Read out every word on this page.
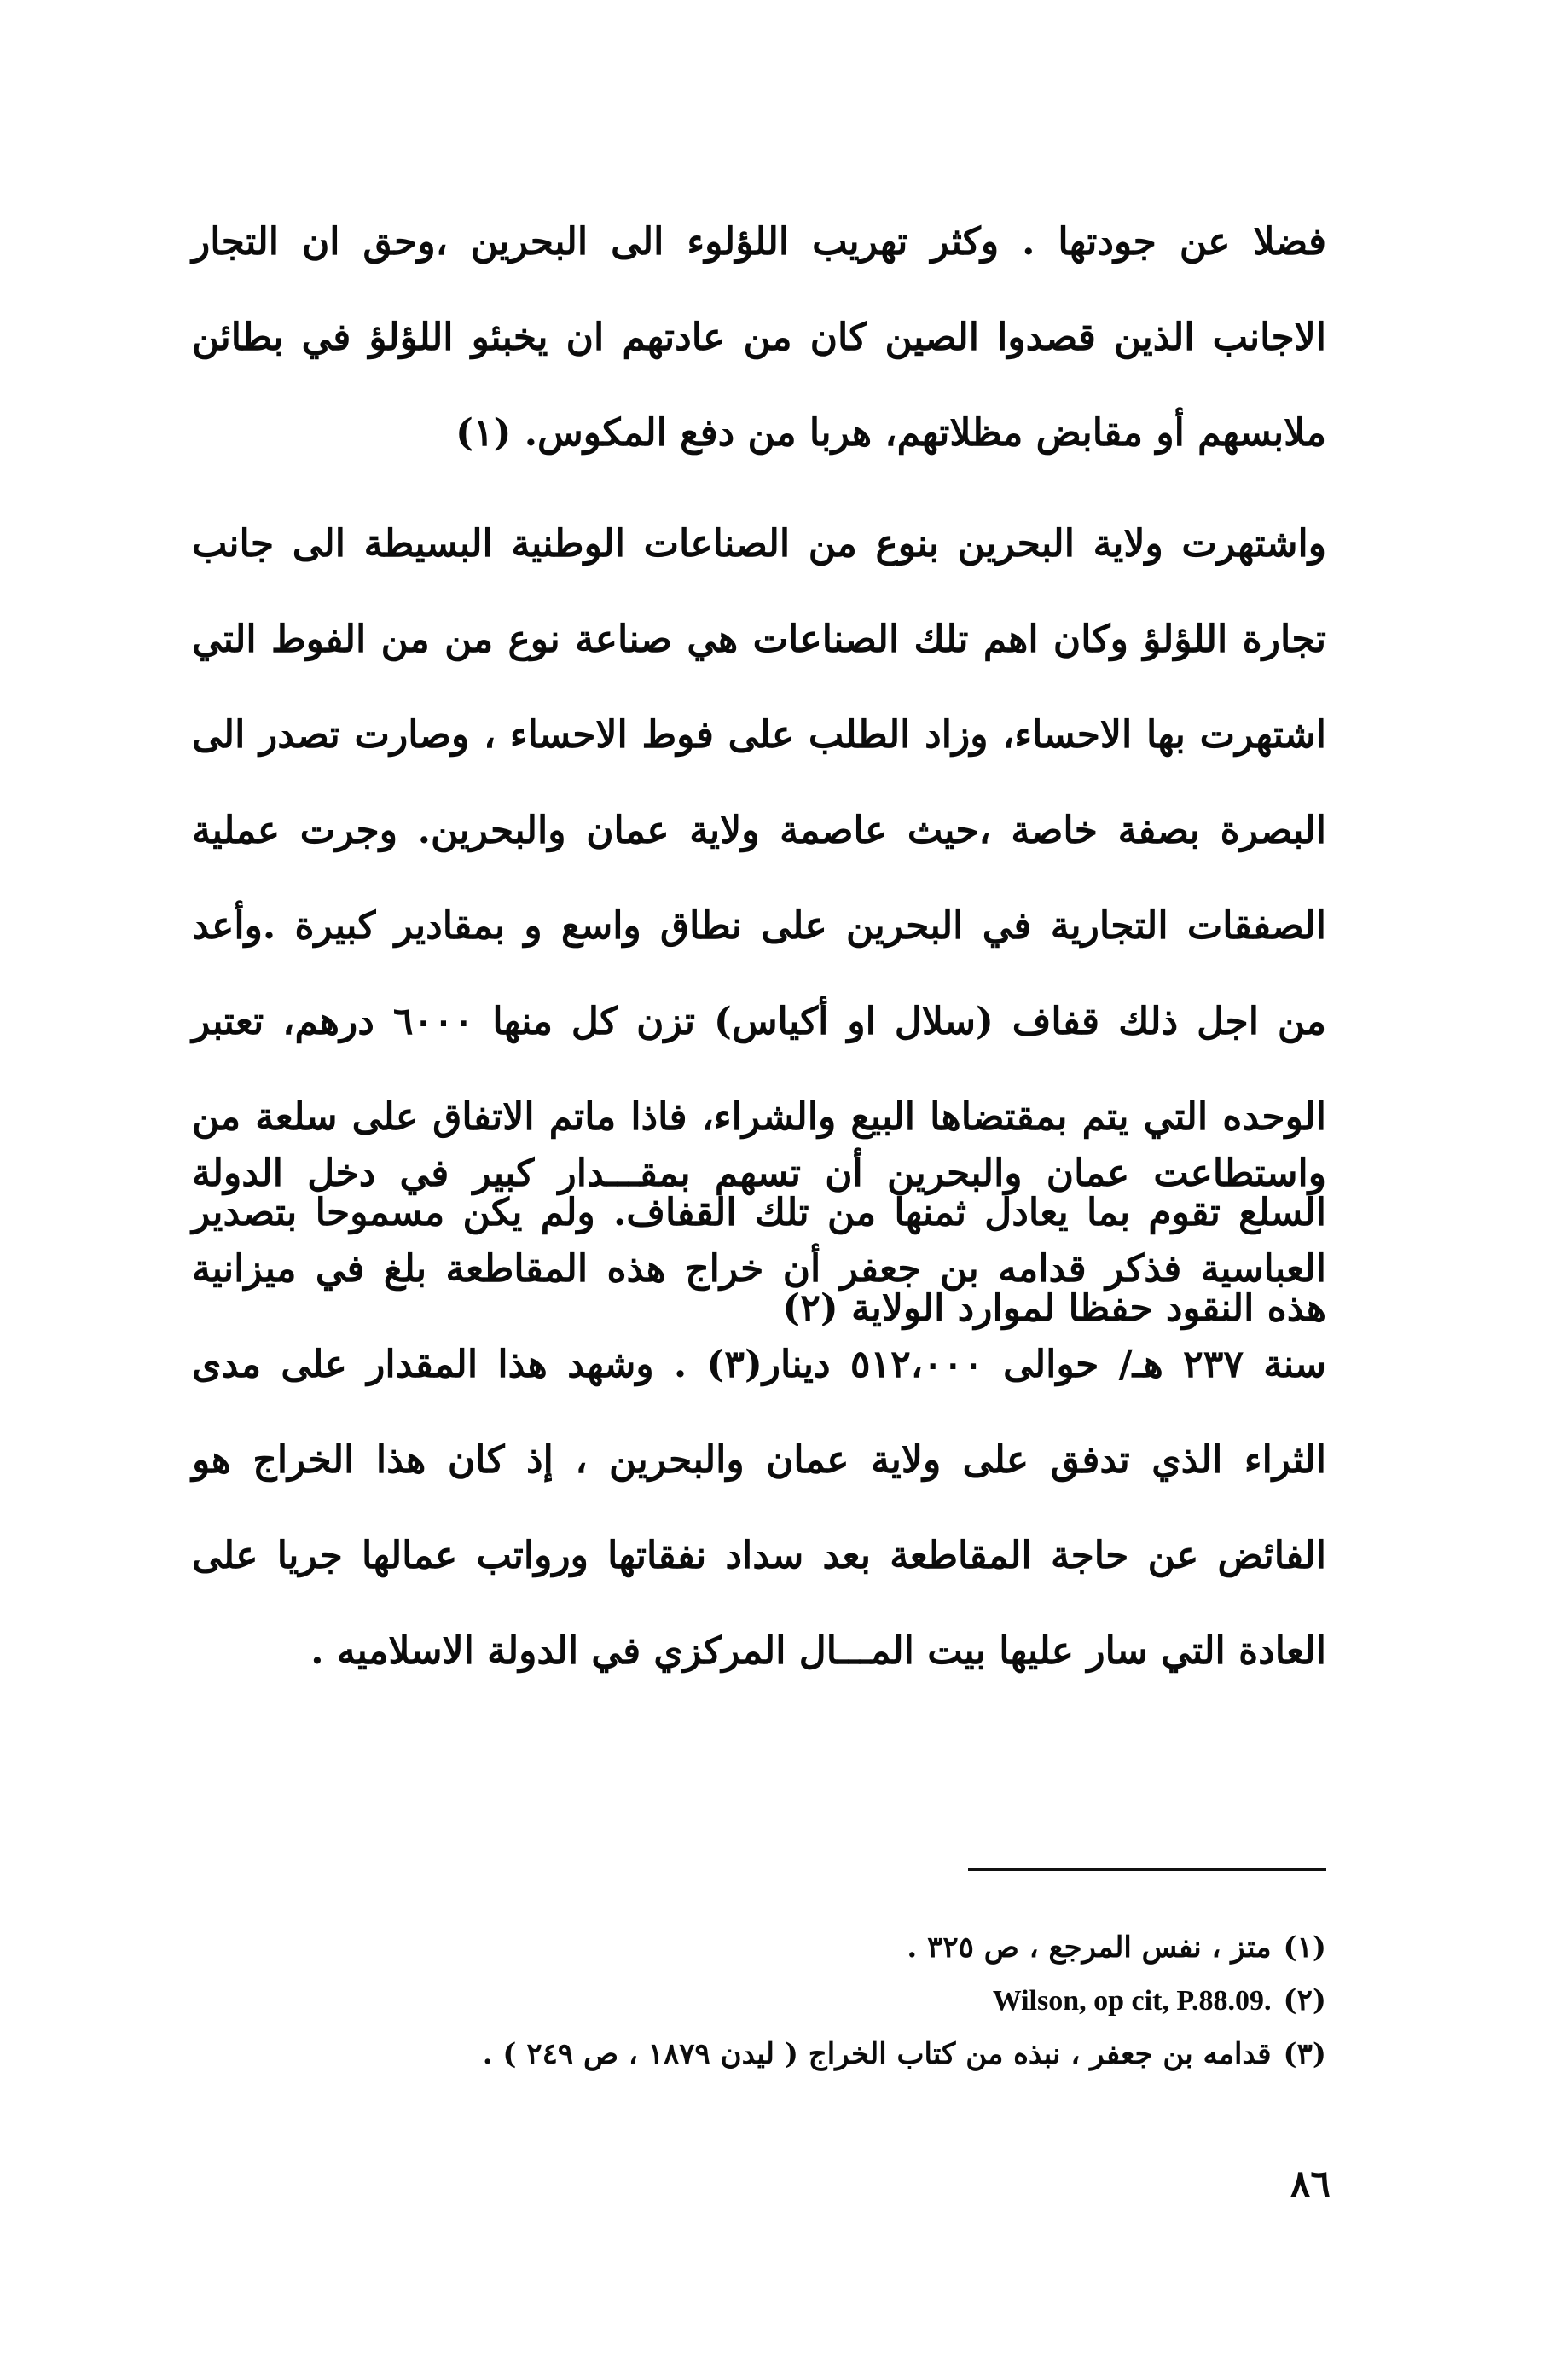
فضلا عن جودتها . وكثر تهريب اللؤلوء الى البحرين ،وحق ان التجار الاجانب الذين قصدوا الصين كان من عادتهم ان يخبئو اللؤلؤ في بطائن ملابسهم أو مقابض مظلاتهم، هربا من دفع المكوس. (١)

واشتهرت ولاية البحرين بنوع من الصناعات الوطنية البسيطة الى جانب تجارة اللؤلؤ وكان اهم تلك الصناعات هي صناعة نوع من من الفوط التي اشتهرت بها الاحساء، وزاد الطلب على فوط الاحساء ، وصارت تصدر الى البصرة بصفة خاصة ،حيث عاصمة ولاية عمان والبحرين. وجرت عملية الصفقات التجارية في البحرين على نطاق واسع و بمقادير كبيرة .وأعد من اجل ذلك قفاف (سلال او أكياس) تزن كل منها ٦٠٠٠ درهم، تعتبر الوحده التي يتم بمقتضاها البيع والشراء، فاذا ماتم الاتفاق على سلعة من السلع تقوم بما يعادل ثمنها من تلك القفاف. ولم يكن مسموحا بتصدير هذه النقود حفظا لموارد الولاية (٢)

واستطاعت عمان والبحرين أن تسهم بمقـــدار كبير في دخل الدولة العباسية فذكر قدامه بن جعفر أن خراج هذه المقاطعة بلغ في ميزانية سنة ٢٣٧ هـ/ حوالى ٥١٢،٠٠٠ دينار(٣) . وشهد هذا المقدار على مدى الثراء الذي تدفق على ولاية عمان والبحرين ، إذ كان هذا الخراج هو الفائض عن حاجة المقاطعة بعد سداد نفقاتها ورواتب عمالها جريا على العادة التي سار عليها بيت المـــال المركزي في الدولة الاسلاميه .

(١)متز ، نفس المرجع ، ص ٣٢٥ .
(٢)Wilson, op cit, P.88.09.
(٣)قدامه بن جعفر ، نبذه من كتاب الخراج ( ليدن ١٨٧٩ ، ص ٢٤٩ ) .
٨٦
